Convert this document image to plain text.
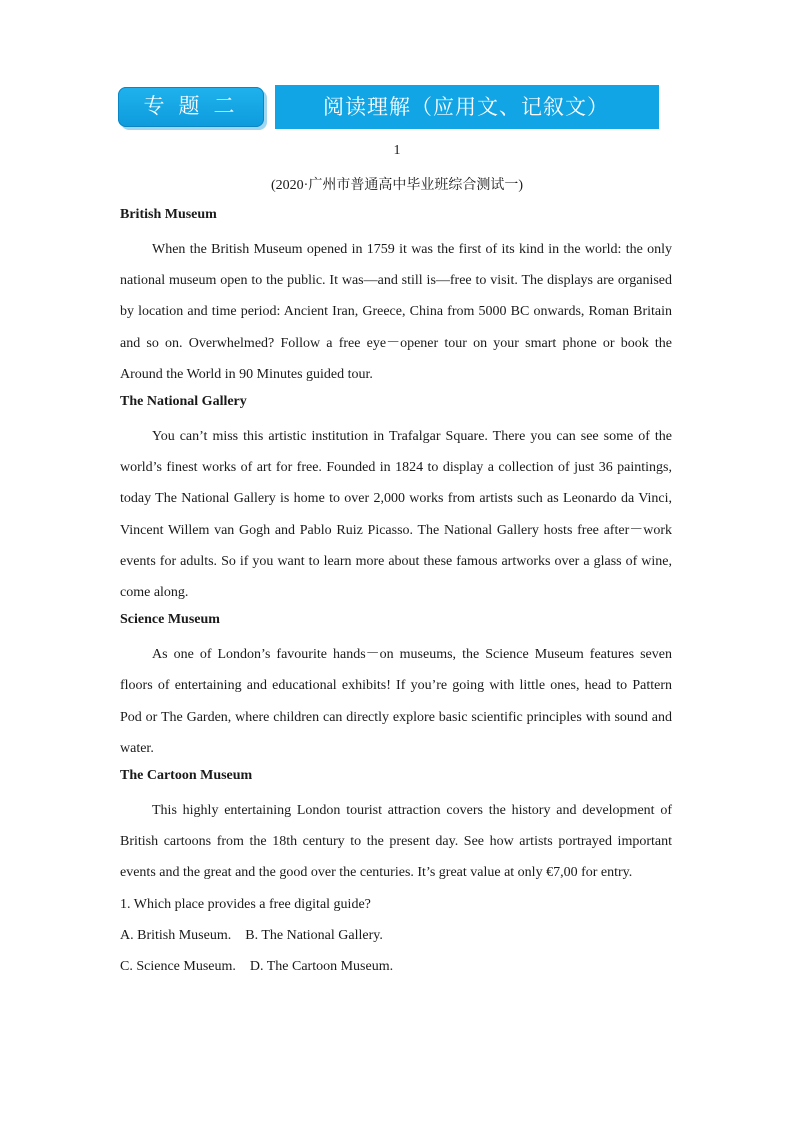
专题二	阅读理解（应用文、记叙文）
1
(2020·广州市普通高中毕业班综合测试一)
British Museum

When the British Museum opened in 1759 it was the first of its kind in the world: the only national museum open to the public. It was—and still is—free to visit. The displays are organised by location and time period: Ancient Iran, Greece, China from 5000 BC onwards, Roman Britain and so on. Overwhelmed? Follow a free eye－opener tour on your smart phone or book the Around the World in 90 Minutes guided tour.

The National Gallery

You can’t miss this artistic institution in Trafalgar Square. There you can see some of the world’s finest works of art for free. Founded in 1824 to display a collection of just 36 paintings, today The National Gallery is home to over 2,000 works from artists such as Leonardo da Vinci, Vincent Willem van Gogh and Pablo Ruiz Picasso. The National Gallery hosts free after－work events for adults. So if you want to learn more about these famous artworks over a glass of wine, come along.

Science Museum

As one of London’s favourite hands－on museums, the Science Museum features seven floors of entertaining and educational exhibits! If you’re going with little ones, head to Pattern Pod or The Garden, where children can directly explore basic scientific principles with sound and water.

The Cartoon Museum

This highly entertaining London tourist attraction covers the history and development of British cartoons from the 18th century to the present day. See how artists portrayed important events and the great and the good over the centuries. It’s great value at only €7,00 for entry.

1. Which place provides a free digital guide?
A. British Museum.    B. The National Gallery.
C. Science Museum.    D. The Cartoon Museum.
